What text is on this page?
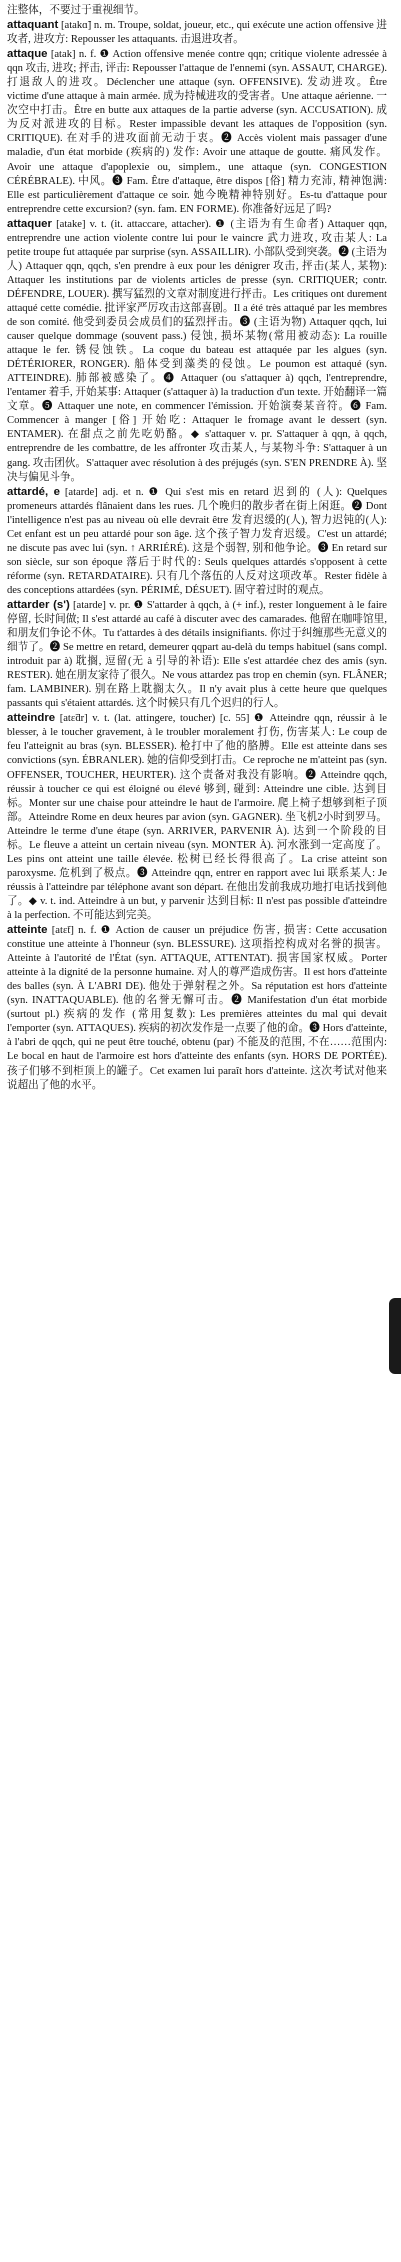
注整体，不要过于重视细节。

attaquant [atakɑ̃] n. m. Troupe, soldat, joueur, etc., qui exécute une action offensive 进攻者, 进攻方: Repousser les attaquants. 击退进攻者。

attaque [atak] n. f. ❶ Action offensive menée contre qqn; critique violente adressée à qqn 攻击, 进攻; 抨击, 评击: Repousser l'attaque de l'ennemi (syn. ASSAUT, CHARGE). 打退敌人的进攻。Déclencher une attaque (syn. OFFENSIVE). 发动进攻。Être victime d'une attaque à main armée. 成为持械进攻的受害者。Une attaque aérienne. 一次空中打击。Être en butte aux attaques de la partie adverse (syn. ACCUSATION). 成为反对派进攻的目标。Rester impassible devant les attaques de l'opposition (syn. CRITIQUE). 在对手的进攻面前无动于衷。❷ Accès violent mais passager d'une maladie, d'un état morbide (疾病的) 发作: Avoir une attaque de goutte. 痛风发作。Avoir une attaque d'apoplexie ou, simplem., une attaque (syn. CONGESTION CÉRÉBRALE). 中风。❸ Fam. Être d'attaque, être dispos [俗] 精力充沛, 精神饱满: Elle est particulièrement d'attaque ce soir. 她今晚精神特别好。Es-tu d'attaque pour entreprendre cette excursion? (syn. fam. EN FORME). 你准备好远足了吗?

attaquer [atake] v. t. (it. attaccare, attacher). ❶ (主语为有生命者) Attaquer qqn, entreprendre une action violente contre lui pour le vaincre 武力进攻, 攻击某人: La petite troupe fut attaquée par surprise (syn. ASSAILLIR). 小部队受到突袭。❷ (主语为人) Attaquer qqn, qqch, s'en prendre à eux pour les dénigrer 攻击, 抨击(某人, 某物): Attaquer les institutions par de violents articles de presse (syn. CRITIQUER; contr. DÉFENDRE, LOUER). 撰写猛烈的文章对制度进行抨击。Les critiques ont durement attaqué cette comédie. 批评家严厉攻击这部喜剧。Il a été très attaqué par les membres de son comité. 他受到委员会成员们的猛烈抨击。❸ (主语为物) Attaquer qqch, lui causer quelque dommage (souvent pass.) 侵蚀, 损坏某物(常用被动态): La rouille attaque le fer. 锈侵蚀铁。La coque du bateau est attaquée par les algues (syn. DÉTÉRIORER, RONGER). 船体受到藻类的侵蚀。Le poumon est attaqué (syn. ATTEINDRE). 肺部被感染了。❹ Attaquer (ou s'attaquer à) qqch, l'entreprendre, l'entamer 着手, 开始某事: Attaquer (s'attaquer à) la traduction d'un texte. 开始翻译一篇文章。❺ Attaquer une note, en commencer l'émission. 开始演奏某音符。❻ Fam. Commencer à manger [俗] 开始吃: Attaquer le fromage avant le dessert (syn. ENTAMER). 在甜点之前先吃奶酪。◆ s'attaquer v. pr. S'attaquer à qqn, à qqch, entreprendre de les combattre, de les affronter 攻击某人, 与某物斗争: S'attaquer à un gang. 攻击团伙。S'attaquer avec résolution à des préjugés (syn. S'EN PRENDRE À). 坚决与偏见斗争。

attardé, e [atarde] adj. et n. ❶ Qui s'est mis en retard 迟到的 (人): Quelques promeneurs attardés flânaient dans les rues. 几个晚归的散步者在街上闲逛。❷ Dont l'intelligence n'est pas au niveau où elle devrait être 发育迟缓的(人), 智力迟钝的(人): Cet enfant est un peu attardé pour son âge. 这个孩子智力发育迟缓。C'est un attardé; ne discute pas avec lui (syn. ↑ ARRIÉRÉ). 这是个弱智, 别和他争论。❸ En retard sur son siècle, sur son époque 落后于时代的: Seuls quelques attardés s'opposent à cette réforme (syn. RETARDATAIRE). 只有几个落伍的人反对这项改革。Rester fidèle à des conceptions attardées (syn. PÉRIMÉ, DÉSUET). 固守着过时的观点。

attarder (s') [atarde] v. pr. ❶ S'attarder à qqch, à (+ inf.), rester longuement à le faire 停留, 长时间做; Il s'est attardé au café à discuter avec des camarades. 他留在咖啡馆里, 和朋友们争论不休。Tu t'attardes à des détails insignifiants. 你过于纠缠那些无意义的细节了。❷ Se mettre en retard, demeurer qqpart au-delà du temps habituel (sans compl. introduit par à) 耽搁, 逗留(无 à 引导的补语): Elle s'est attardée chez des amis (syn. RESTER). 她在朋友家待了很久。Ne vous attardez pas trop en chemin (syn. FLÂNER; fam. LAMBINER). 别在路上耽搁太久。Il n'y avait plus à cette heure que quelques passants qui s'étaient attardés. 这个时候只有几个迟归的行人。

atteindre [atɛ̃dr] v. t. (lat. attingere, toucher) [c. 55] ❶ Atteindre qqn, réussir à le blesser, à le toucher gravement, à le troubler moralement 打伤, 伤害某人: Le coup de feu l'atteignit au bras (syn. BLESSER). 枪打中了他的胳膊。Elle est atteinte dans ses convictions (syn. ÉBRANLER). 她的信仰受到打击。Ce reproche ne m'atteint pas (syn. OFFENSER, TOUCHER, HEURTER). 这个责备对我没有影响。❷ Atteindre qqch, réussir à toucher ce qui est éloigné ou élevé 够到, 碰到: Atteindre une cible. 达到目标。Monter sur une chaise pour atteindre le haut de l'armoire. 爬上椅子想够到柜子顶部。Atteindre Rome en deux heures par avion (syn. GAGNER). 坐飞机2小时到罗马。Atteindre le terme d'une étape (syn. ARRIVER, PARVENIR À). 达到一个阶段的目标。Le fleuve a atteint un certain niveau (syn. MONTER À). 河水涨到一定高度了。Les pins ont atteint une taille élevée. 松树已经长得很高了。La crise atteint son paroxysme. 危机到了极点。❸ Atteindre qqn, entrer en rapport avec lui 联系某人: Je réussis à l'atteindre par téléphone avant son départ. 在他出发前我成功地打电话找到他了。◆ v. t. ind. Atteindre à un but, y parvenir 达到目标: Il n'est pas possible d'atteindre à la perfection. 不可能达到完美。

atteinte [atɛ̃t] n. f. ❶ Action de causer un préjudice 伤害, 损害: Cette accusation constitue une atteinte à l'honneur (syn. BLESSURE). 这项指控构成对名誉的损害。Atteinte à l'autorité de l'État (syn. ATTAQUE, ATTENTAT). 损害国家权威。Porter atteinte à la dignité de la personne humaine. 对人的尊严造成伤害。Il est hors d'atteinte des balles (syn. À L'ABRI DE). 他处于弹射程之外。Sa réputation est hors d'atteinte (syn. INATTAQUABLE). 他的名誉无懈可击。❷ Manifestation d'un état morbide (surtout pl.) 疾病的发作 (常用复数): Les premières atteintes du mal qui devait l'emporter (syn. ATTAQUES). 疾病的初次发作是一点要了他的命。❸ Hors d'atteinte, à l'abri de qqch, qui ne peut être touché, obtenu (par) 不能及的范围, 不在……范围内: Le bocal en haut de l'armoire est hors d'atteinte des enfants (syn. HORS DE PORTÉE). 孩子们够不到柜顶上的罐子。Cet examen lui paraît hors d'atteinte. 这次考试对他来说超出了他的水平。
